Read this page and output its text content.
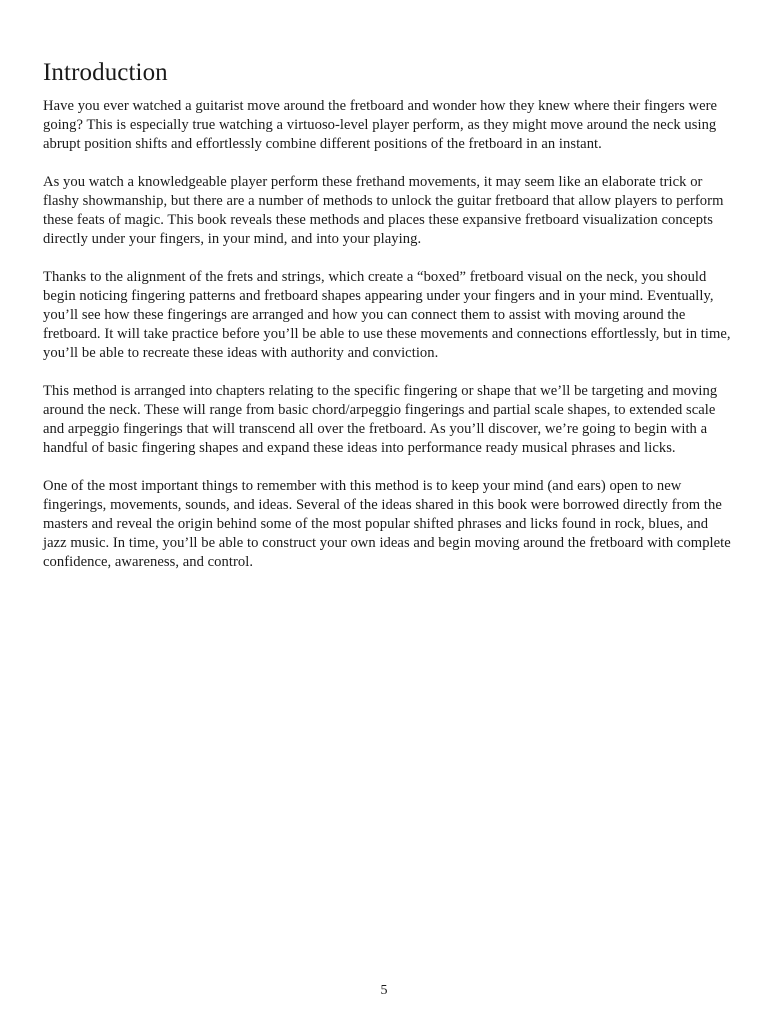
Introduction

Have you ever watched a guitarist move around the fretboard and wonder how they knew where their fingers were going? This is especially true watching a virtuoso-level player perform, as they might move around the neck using abrupt position shifts and effortlessly combine different positions of the fretboard in an instant.

As you watch a knowledgeable player perform these frethand movements, it may seem like an elaborate trick or flashy showmanship, but there are a number of methods to unlock the guitar fretboard that allow players to perform these feats of magic. This book reveals these methods and places these expansive fretboard visualization concepts directly under your fingers, in your mind, and into your playing.

Thanks to the alignment of the frets and strings, which create a “boxed” fretboard visual on the neck, you should begin noticing fingering patterns and fretboard shapes appearing under your fingers and in your mind. Eventually, you’ll see how these fingerings are arranged and how you can connect them to assist with moving around the fretboard. It will take practice before you’ll be able to use these movements and connections effortlessly, but in time, you’ll be able to recreate these ideas with authority and conviction.

This method is arranged into chapters relating to the specific fingering or shape that we’ll be targeting and moving around the neck. These will range from basic chord/arpeggio fingerings and partial scale shapes, to extended scale and arpeggio fingerings that will transcend all over the fretboard. As you’ll discover, we’re going to begin with a handful of basic fingering shapes and expand these ideas into performance ready musical phrases and licks.

One of the most important things to remember with this method is to keep your mind (and ears) open to new fingerings, movements, sounds, and ideas. Several of the ideas shared in this book were borrowed directly from the masters and reveal the origin behind some of the most popular shifted phrases and licks found in rock, blues, and jazz music. In time, you’ll be able to construct your own ideas and begin moving around the fretboard with complete confidence, awareness, and control.

5
